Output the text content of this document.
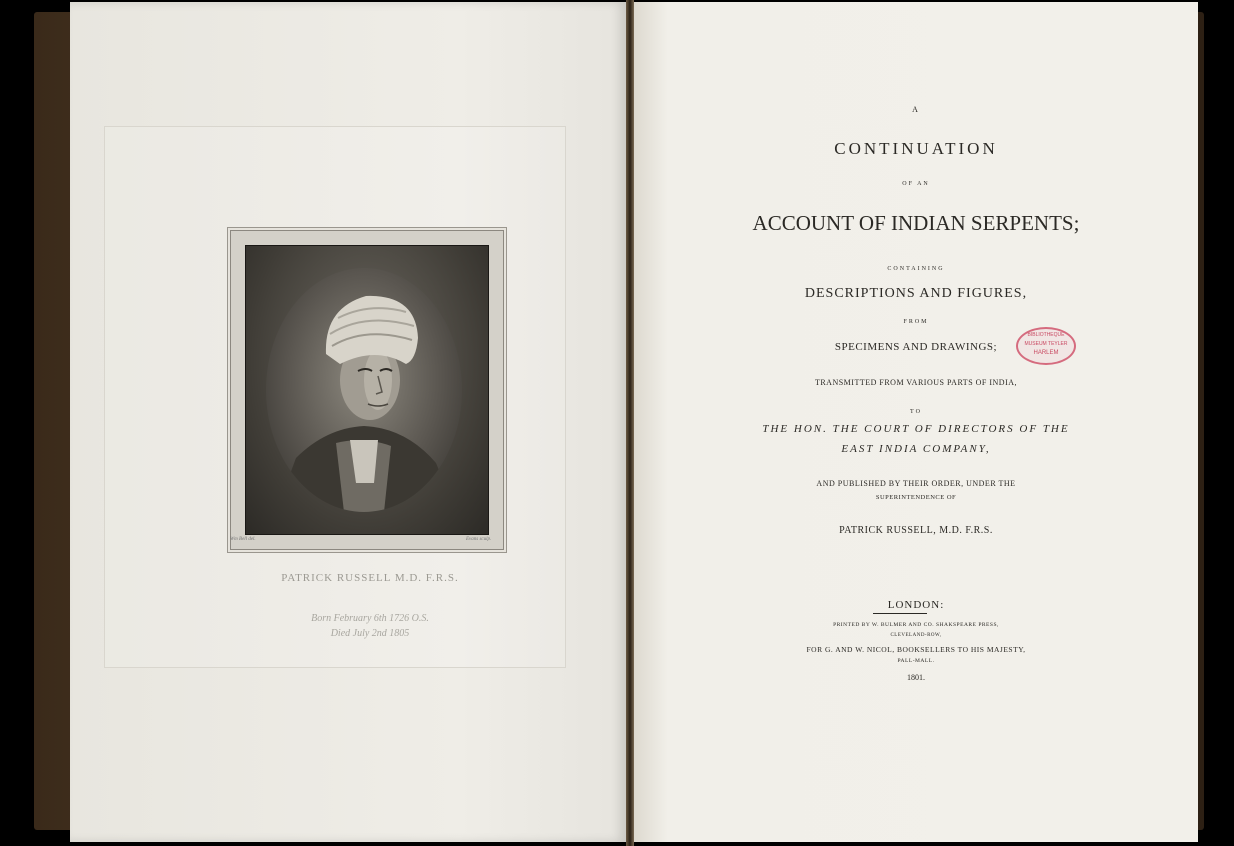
Wm Bell del.	Evans sculp.
PATRICK RUSSELL M.D. F.R.S.
Born February 6th 1726 O.S.
Died July 2nd 1805
A
CONTINUATION
OF AN
ACCOUNT OF INDIAN SERPENTS;
CONTAINING
DESCRIPTIONS AND FIGURES,
FROM
SPECIMENS AND DRAWINGS;
TRANSMITTED FROM VARIOUS PARTS OF INDIA,
TO
THE HON. THE COURT OF DIRECTORS OF THE
EAST INDIA COMPANY,
AND PUBLISHED BY THEIR ORDER, UNDER THE
SUPERINTENDENCE OF
PATRICK RUSSELL, M.D. F.R.S.
LONDON:
PRINTED BY W. BULMER AND CO. SHAKSPEARE PRESS,
CLEVELAND-ROW,
FOR G. AND W. NICOL, BOOKSELLERS TO HIS MAJESTY,
PALL-MALL.
1801.
BIBLIOTHEQUE
MUSEUM TEYLER
HARLEM
